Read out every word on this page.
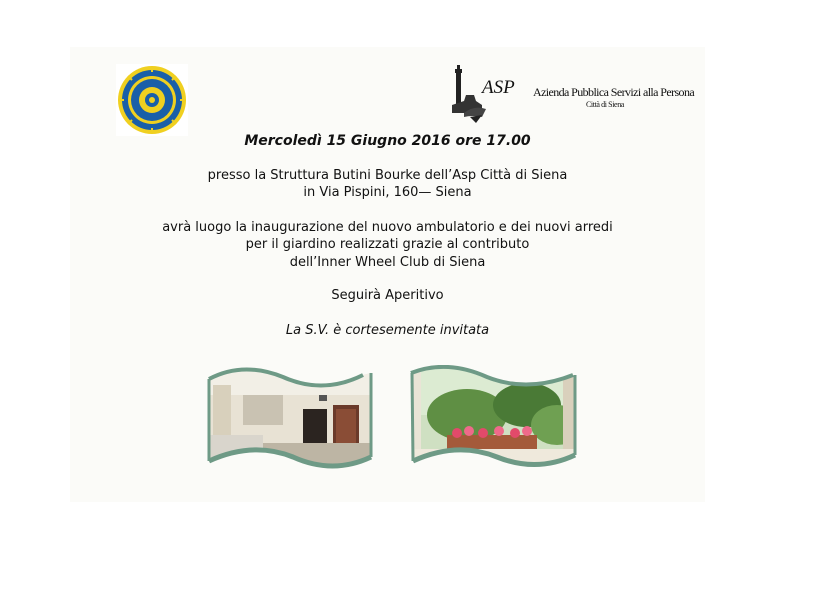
ASP Azienda Pubblica Servizi alla Persona
Città di Siena
Mercoledì 15 Giugno 2016 ore 17.00
presso la Struttura Butini Bourke dell’Asp Città di Siena
in Via Pispini, 160— Siena
avrà luogo la inaugurazione del nuovo ambulatorio e dei nuovi arredi
per il giardino realizzati grazie al contributo
dell’Inner Wheel Club di Siena
Seguirà Aperitivo
La S.V. è cortesemente invitata
